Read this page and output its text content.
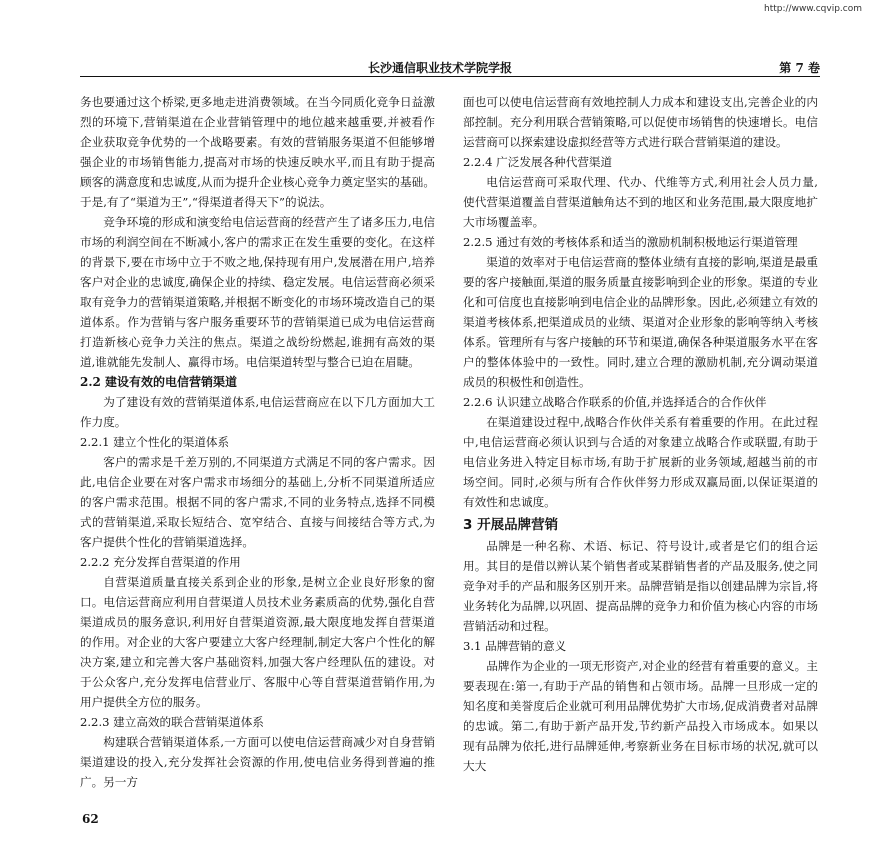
http://www.cqvip.com
长沙通信职业技术学院学报	第 7 卷

务也要通过这个桥梁,更多地走进消费领域。在当今同质化竞争日益激烈的环境下,营销渠道在企业营销管理中的地位越来越重要,并被看作企业获取竞争优势的一个战略要素。有效的营销服务渠道不但能够增强企业的市场销售能力,提高对市场的快速反映水平,而且有助于提高顾客的满意度和忠诚度,从而为提升企业核心竞争力奠定坚实的基础。于是,有了“渠道为王”,“得渠道者得天下”的说法。

竞争环境的形成和演变给电信运营商的经营产生了诸多压力,电信市场的利润空间在不断减小,客户的需求正在发生重要的变化。在这样的背景下,要在市场中立于不败之地,保持现有用户,发展潜在用户,培养客户对企业的忠诚度,确保企业的持续、稳定发展。电信运营商必须采取有竞争力的营销渠道策略,并根据不断变化的市场环境改造自己的渠道体系。作为营销与客户服务重要环节的营销渠道已成为电信运营商打造新核心竞争力关注的焦点。渠道之战纷纷燃起,谁拥有高效的渠道,谁就能先发制人、赢得市场。电信渠道转型与整合已迫在眉睫。

2.2 建设有效的电信营销渠道

为了建设有效的营销渠道体系,电信运营商应在以下几方面加大工作力度。

2.2.1 建立个性化的渠道体系

客户的需求是千差万别的,不同渠道方式满足不同的客户需求。因此,电信企业要在对客户需求市场细分的基础上,分析不同渠道所适应的客户需求范围。根据不同的客户需求,不同的业务特点,选择不同模式的营销渠道,采取长短结合、宽窄结合、直接与间接结合等方式,为客户提供个性化的营销渠道选择。

2.2.2 充分发挥自营渠道的作用

自营渠道质量直接关系到企业的形象,是树立企业良好形象的窗口。电信运营商应利用自营渠道人员技术业务素质高的优势,强化自营渠道成员的服务意识,利用好自营渠道资源,最大限度地发挥自营渠道的作用。对企业的大客户要建立大客户经理制,制定大客户个性化的解决方案,建立和完善大客户基础资料,加强大客户经理队伍的建设。对于公众客户,充分发挥电信营业厅、客服中心等自营渠道营销作用,为用户提供全方位的服务。

2.2.3 建立高效的联合营销渠道体系

构建联合营销渠道体系,一方面可以使电信运营商减少对自身营销渠道建设的投入,充分发挥社会资源的作用,使电信业务得到普遍的推广。另一方

面也可以使电信运营商有效地控制人力成本和建设支出,完善企业的内部控制。充分利用联合营销策略,可以促使市场销售的快速增长。电信运营商可以探索建设虚拟经营等方式进行联合营销渠道的建设。

2.2.4 广泛发展各种代营渠道

电信运营商可采取代理、代办、代维等方式,利用社会人员力量,使代营渠道覆盖自营渠道触角达不到的地区和业务范围,最大限度地扩大市场覆盖率。

2.2.5 通过有效的考核体系和适当的激励机制积极地运行渠道管理

渠道的效率对于电信运营商的整体业绩有直接的影响,渠道是最重要的客户接触面,渠道的服务质量直接影响到企业的形象。渠道的专业化和可信度也直接影响到电信企业的品牌形象。因此,必须建立有效的渠道考核体系,把渠道成员的业绩、渠道对企业形象的影响等纳入考核体系。管理所有与客户接触的环节和渠道,确保各种渠道服务水平在客户的整体体验中的一致性。同时,建立合理的激励机制,充分调动渠道成员的积极性和创造性。

2.2.6 认识建立战略合作联系的价值,并选择适合的合作伙伴

在渠道建设过程中,战略合作伙伴关系有着重要的作用。在此过程中,电信运营商必须认识到与合适的对象建立战略合作或联盟,有助于电信业务进入特定目标市场,有助于扩展新的业务领域,超越当前的市场空间。同时,必须与所有合作伙伴努力形成双赢局面,以保证渠道的有效性和忠诚度。

3 开展品牌营销

品牌是一种名称、术语、标记、符号设计,或者是它们的组合运用。其目的是借以辨认某个销售者或某群销售者的产品及服务,使之同竞争对手的产品和服务区别开来。品牌营销是指以创建品牌为宗旨,将业务转化为品牌,以巩固、提高品牌的竞争力和价值为核心内容的市场营销活动和过程。

3.1 品牌营销的意义

品牌作为企业的一项无形资产,对企业的经营有着重要的意义。主要表现在:第一,有助于产品的销售和占领市场。品牌一旦形成一定的知名度和美誉度后企业就可利用品牌优势扩大市场,促成消费者对品牌的忠诚。第二,有助于新产品开发,节约新产品投入市场成本。如果以现有品牌为依托,进行品牌延伸,考察新业务在目标市场的状况,就可以大大

62
